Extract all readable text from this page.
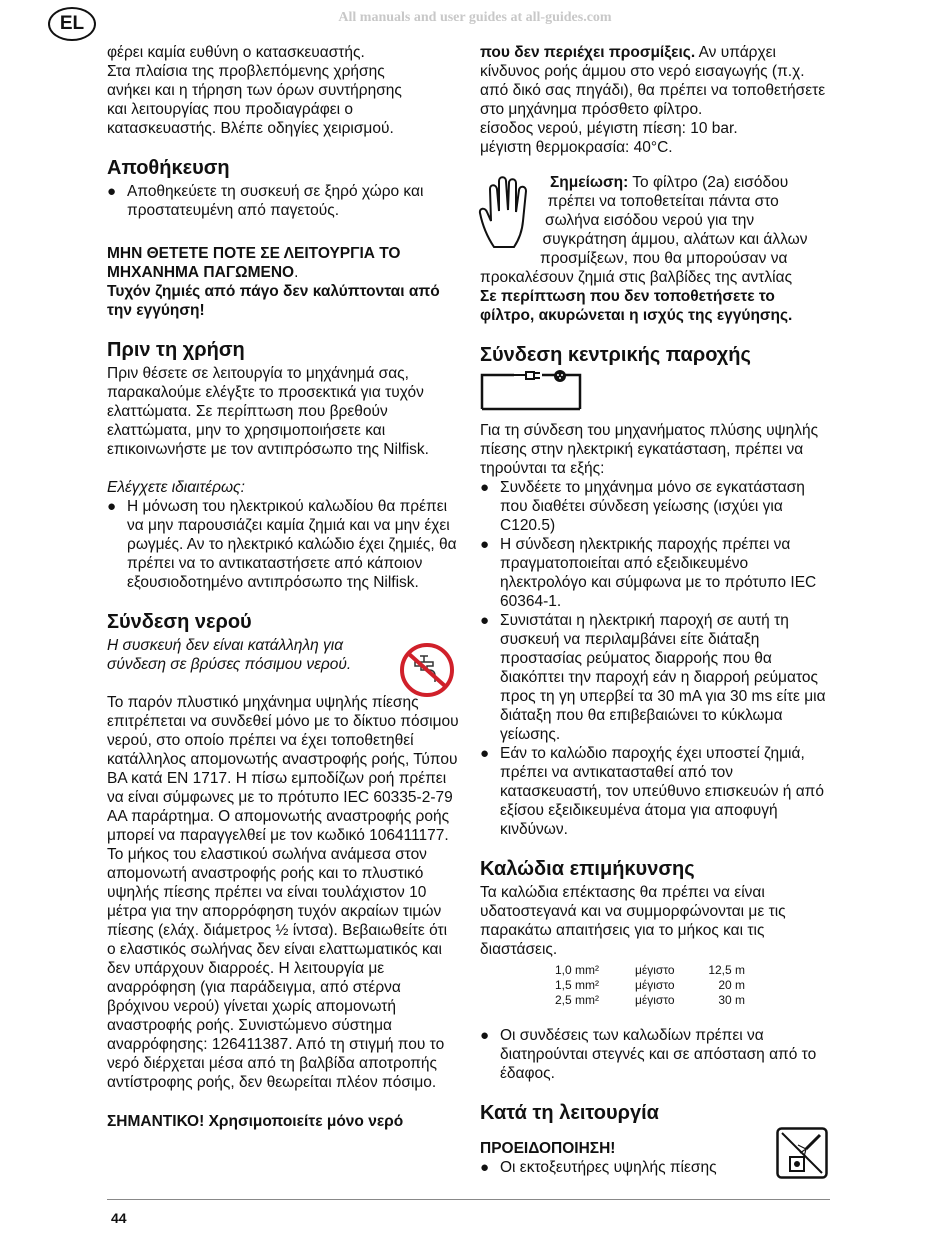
EL	All manuals and user guides at all-guides.com

φέρει καμία ευθύνη ο κατασκευαστής.

Στα πλαίσια της προβλεπόμενης χρήσης

ανήκει και η τήρηση των όρων συντήρησης

και λειτουργίας που προδιαγράφει ο

κατασκευαστής. Βλέπε οδηγίες χειρισμού.

Αποθήκευση
● Αποθηκεύετε τη συσκευή σε ξηρό χώρο και προστατευμένη από παγετούς.

ΜΗΝ ΘΕΤΕΤΕ ΠΟΤΕ ΣΕ ΛΕΙΤΟΥΡΓΙΑ ΤΟ ΜΗΧΑΝΗΜΑ ΠΑΓΩΜΕΝΟ.

Τυχόν ζημιές από πάγο δεν καλύπτονται από την εγγύηση!

Πριν τη χρήση

Πριν θέσετε σε λειτουργία το μηχάνημά σας, παρακαλούμε ελέγξτε το προσεκτικά για τυχόν ελαττώματα. Σε περίπτωση που βρεθούν ελαττώματα, μην το χρησιμοποιήσετε και επικοινωνήστε με τον αντιπρόσωπο της Nilfisk.

Ελέγχετε ιδιαιτέρως:

● Η μόνωση του ηλεκτρικού καλωδίου θα πρέπει να μην παρουσιάζει καμία ζημιά και να μην έχει ρωγμές. Αν το ηλεκτρικό καλώδιο έχει ζημιές, θα πρέπει να το αντικαταστήσετε από κάποιον εξουσιοδοτημένο αντιπρόσωπο της Nilfisk.
Σύνδεση νερού

Η συσκευή δεν είναι κατάλληλη για σύνδεση σε βρύσες πόσιμου νερού.

Το παρόν πλυστικό μηχάνημα υψηλής πίεσης επιτρέπεται να συνδεθεί μόνο με το δίκτυο πόσιμου νερού, στο οποίο πρέπει να έχει τοποθετηθεί κατάλληλος απομονωτής αναστροφής ροής, Τύπου ΒΑ κατά EN 1717. Η πίσω εμποδίζων ροή πρέπει να είναι σύμφωνες με το πρότυπο IEC 60335-2-79 AA παράρτημα. Ο απομονωτής αναστροφής ροής μπορεί να παραγγελθεί με τον κωδικό 106411177. Το μήκος του ελαστικού σωλήνα ανάμεσα στον απομονωτή αναστροφής ροής και το πλυστικό υψηλής πίεσης πρέπει να είναι τουλάχιστον 10 μέτρα για την απορρόφηση τυχόν ακραίων τιμών πίεσης (ελάχ. διάμετρος ½ ίντσα). Βεβαιωθείτε ότι ο ελαστικός σωλήνας δεν είναι ελαττωματικός και δεν υπάρχουν διαρροές. Η λειτουργία με αναρρόφηση (για παράδειγμα, από στέρνα βρόχινου νερού) γίνεται χωρίς απομονωτή αναστροφής ροής. Συνιστώμενο σύστημα αναρρόφησης: 126411387. Από τη στιγμή που το νερό διέρχεται μέσα από τη βαλβίδα αποτροπής αντίστροφης ροής, δεν θεωρείται πλέον πόσιμο.

ΣΗΜΑΝΤΙΚΟ! Χρησιμοποιείτε μόνο νερό

που δεν περιέχει προσμίξεις. Αν υπάρχει κίνδυνος ροής άμμου στο νερό εισαγωγής (π.χ. από δικό σας πηγάδι), θα πρέπει να τοποθετήσετε στο μηχάνημα πρόσθετο φίλτρο.

είσοδος νερού, μέγιστη πίεση: 10 bar.

μέγιστη θερμοκρασία: 40°C.

Σημείωση: Το φίλτρο (2a) εισόδου πρέπει να τοποθετείται πάντα στο σωλήνα εισόδου νερού για την συγκράτηση άμμου, αλάτων και άλλων προσμίξεων, που θα μπορούσαν να προκαλέσουν ζημιά στις βαλβίδες της αντλίας

Σε περίπτωση που δεν τοποθετήσετε το φίλτρο, ακυρώνεται η ισχύς της εγγύησης.

Σύνδεση κεντρικής παροχής

Για τη σύνδεση του μηχανήματος πλύσης υψηλής πίεσης στην ηλεκτρική εγκατάσταση, πρέπει να τηρούνται τα εξής:

● Συνδέετε το μηχάνημα μόνο σε εγκατάσταση που διαθέτει σύνδεση γείωσης (ισχύει για C120.5)
● Η σύνδεση ηλεκτρικής παροχής πρέπει να πραγματοποιείται από εξειδικευμένο ηλεκτρολόγο και σύμφωνα με το πρότυπο IEC 60364-1.
● Συνιστάται η ηλεκτρική παροχή σε αυτή τη συσκευή να περιλαμβάνει είτε διάταξη προστασίας ρεύματος διαρροής που θα διακόπτει την παροχή εάν η διαρροή ρεύματος προς τη γη υπερβεί τα 30 mA για 30 ms είτε μια διάταξη που θα επιβεβαιώνει το κύκλωμα γείωσης.
● Εάν το καλώδιο παροχής έχει υποστεί ζημιά, πρέπει να αντικατασταθεί από τον κατασκευαστή, τον υπεύθυνο επισκευών ή από εξίσου εξειδικευμένα άτομα για αποφυγή κινδύνων.
Καλώδια επιμήκυνσης

Τα καλώδια επέκτασης θα πρέπει να είναι υδατοστεγανά και να συμμορφώνονται με τις παρακάτω απαιτήσεις για το μήκος και τις διαστάσεις.

1,0 mm²	μέγιστο	12,5 m
1,5 mm²	μέγιστο	20 m
2,5 mm²	μέγιστο	30 m
● Οι συνδέσεις των καλωδίων πρέπει να διατηρούνται στεγνές και σε απόσταση από το έδαφος.
Κατά τη λειτουργία

ΠΡΟΕΙΔΟΠΟΙΗΣΗ!

● Οι εκτοξευτήρες υψηλής πίεσης
44
